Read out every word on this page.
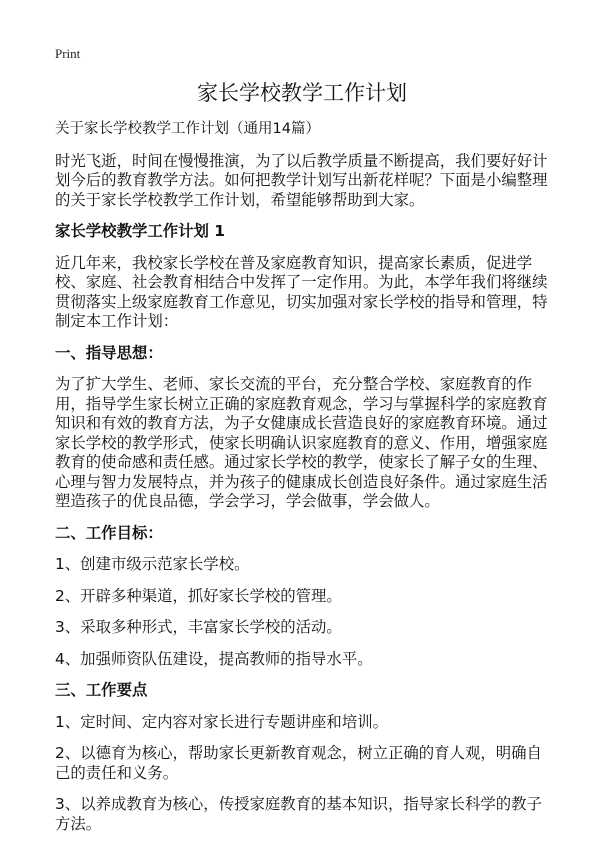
Print
家长学校教学工作计划

关于家长学校教学工作计划（通用14篇）

时光飞逝，时间在慢慢推演，为了以后教学质量不断提高，我们要好好计划今后的教育教学方法。如何把教学计划写出新花样呢？下面是小编整理的关于家长学校教学工作计划，希望能够帮助到大家。

家长学校教学工作计划 1

近几年来，我校家长学校在普及家庭教育知识，提高家长素质，促进学校、家庭、社会教育相结合中发挥了一定作用。为此，本学年我们将继续贯彻落实上级家庭教育工作意见，切实加强对家长学校的指导和管理，特制定本工作计划：

一、指导思想：

为了扩大学生、老师、家长交流的平台，充分整合学校、家庭教育的作用，指导学生家长树立正确的家庭教育观念，学习与掌握科学的家庭教育知识和有效的教育方法，为子女健康成长营造良好的家庭教育环境。通过家长学校的教学形式，使家长明确认识家庭教育的意义、作用，增强家庭教育的使命感和责任感。通过家长学校的教学，使家长了解子女的生理、心理与智力发展特点，并为孩子的健康成长创造良好条件。通过家庭生活塑造孩子的优良品德，学会学习，学会做事，学会做人。

二、工作目标：

1、创建市级示范家长学校。

2、开辟多种渠道，抓好家长学校的管理。

3、采取多种形式，丰富家长学校的活动。

4、加强师资队伍建设，提高教师的指导水平。

三、工作要点

1、定时间、定内容对家长进行专题讲座和培训。

2、以德育为核心，帮助家长更新教育观念，树立正确的育人观，明确自己的责任和义务。

3、以养成教育为核心，传授家庭教育的基本知识，指导家长科学的教子方法。
